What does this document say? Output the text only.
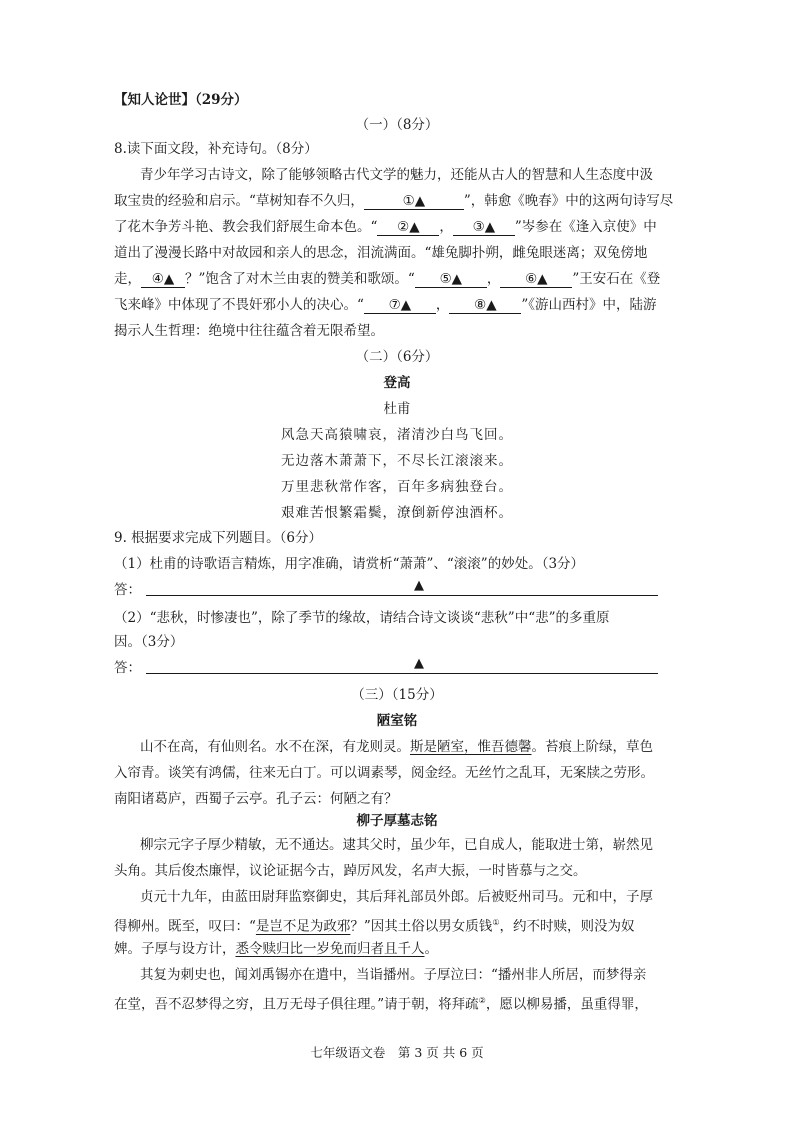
【知人论世】（29分）
（一）（8分）
8.读下面文段，补充诗句。（8分）
青少年学习古诗文，除了能够领略古代文学的魅力，还能从古人的智慧和人生态度中汲
取宝贵的经验和启示。“草树知春不久归，	①▲	”，韩愈《晚春》中的这两句诗写尽
了花木争芳斗艳、教会我们舒展生命本色。“ ②▲ ， ③▲ ”岑参在《逢入京使》中
道出了漫漫长路中对故园和亲人的思念，泪流满面。“雄兔脚扑朔，雌兔眼迷离；双兔傍地
走， ④▲ ？”饱含了对木兰由衷的赞美和歌颂。“ ⑤▲ ， ⑥▲ ”王安石在《登
飞来峰》中体现了不畏奸邪小人的决心。“ ⑦▲ ， ⑧▲ ”《游山西村》中，陆游
揭示人生哲理：绝境中往往蕴含着无限希望。
（二）（6分）
登高
杜甫
风急天高猿啸哀，渚清沙白鸟飞回。
无边落木萧萧下，不尽长江滚滚来。
万里悲秋常作客，百年多病独登台。
艰难苦恨繁霜鬓，潦倒新停浊酒杯。
9. 根据要求完成下列题目。（6分）
（1）杜甫的诗歌语言精炼，用字准确，请赏析“萧萧”、“滚滚”的妙处。（3分）
答：	▲
（2）“悲秋，时惨凄也”，除了季节的缘故，请结合诗文谈谈“悲秋”中“悲”的多重原
因。（3分）
答：	▲
（三）（15分）
陋室铭
山不在高，有仙则名。水不在深，有龙则灵。斯是陋室，惟吾德馨。苔痕上阶绿，草色
入帘青。谈笑有鸿儒，往来无白丁。可以调素琴，阅金经。无丝竹之乱耳，无案牍之劳形。
南阳诸葛庐，西蜀子云亭。孔子云：何陋之有？
柳子厚墓志铭
柳宗元字子厚少精敏，无不通达。逮其父时，虽少年，已自成人，能取进士第，崭然见
头角。其后俊杰廉悍，议论证据今古，踔厉风发，名声大振，一时皆慕与之交。
贞元十九年，由蓝田尉拜监察御史，其后拜礼部员外郎。后被贬州司马。元和中，子厚
得柳州。既至，叹曰：“是岂不足为政邪？”因其土俗以男女质钱①，约不时赎，则没为奴
婢。子厚与设方计，悉令赎归比一岁免而归者且千人。
其复为刺史也，闻刘禹锡亦在遣中，当诣播州。子厚泣曰：“播州非人所居，而梦得亲
在堂，吾不忍梦得之穷，且万无母子俱往理。”请于朝，将拜疏②，愿以柳易播，虽重得罪，
七年级语文卷　第 3 页 共 6 页
